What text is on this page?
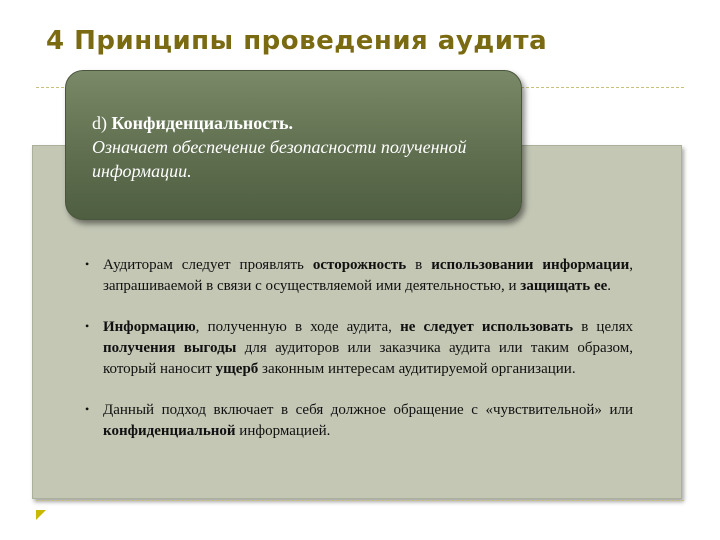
4 Принципы проведения аудита
d) Конфиденциальность.
Означает обеспечение безопасности полученной информации.
• Аудиторам следует проявлять осторожность в использовании информации, запрашиваемой в связи с осуществляемой ими деятельностью, и защищать ее.
• Информацию, полученную в ходе аудита, не следует использовать в целях получения выгоды для аудиторов или заказчика аудита или таким образом, который наносит ущерб законным интересам аудитируемой организации.
• Данный подход включает в себя должное обращение с «чувствительной» или конфиденциальной информацией.
